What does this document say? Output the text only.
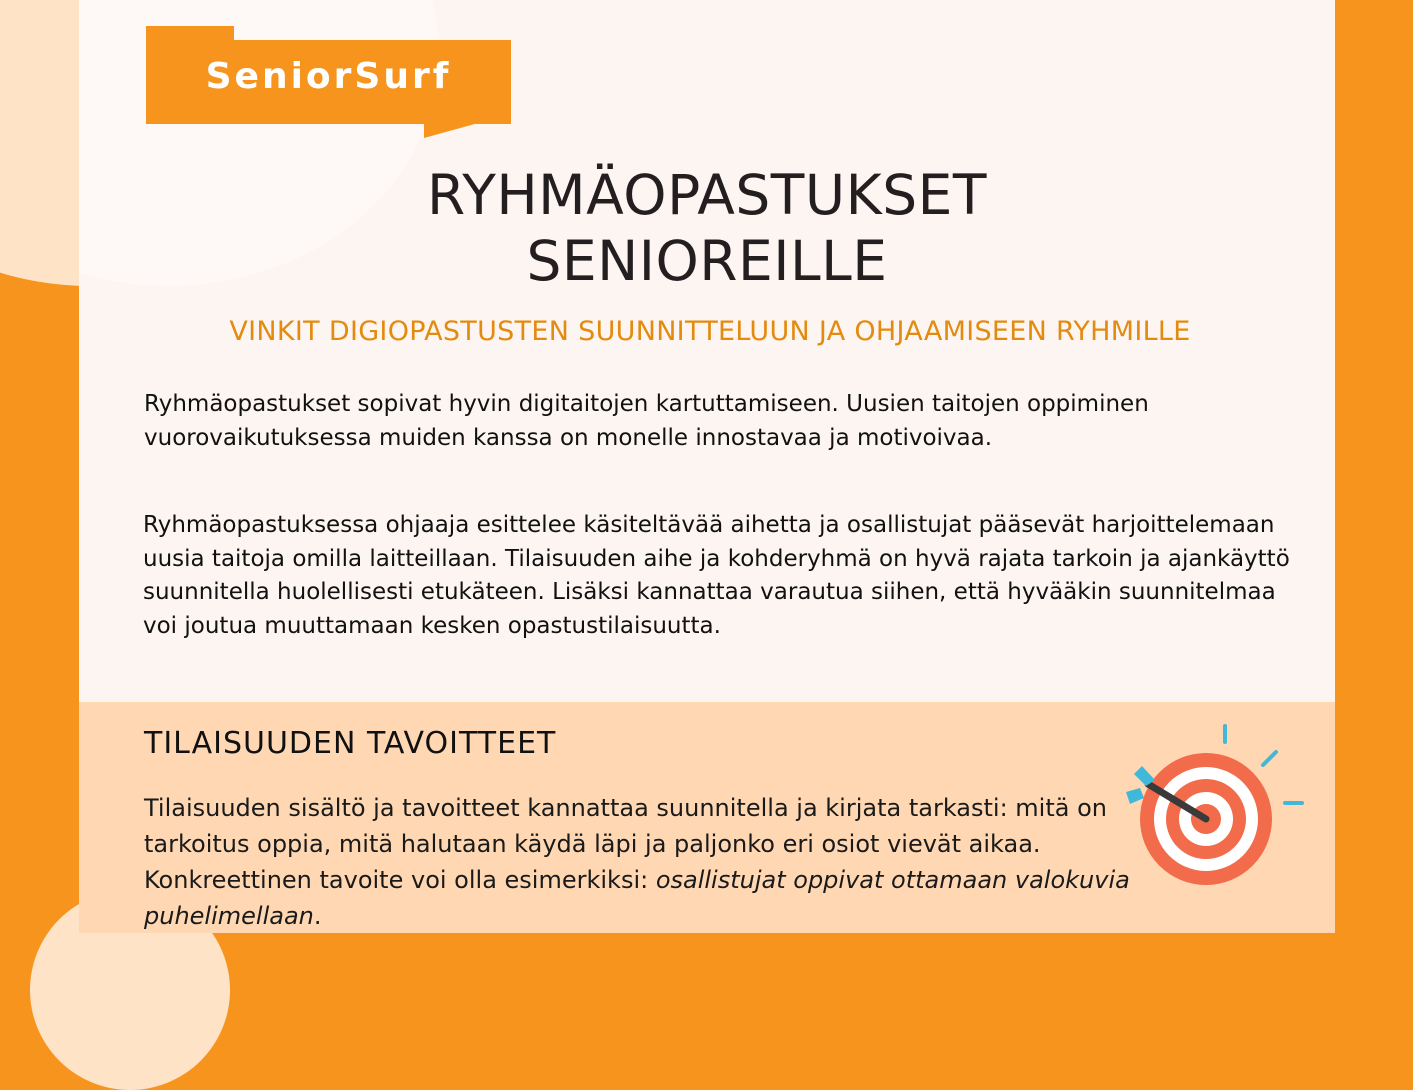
SeniorSurf
RYHMÄOPASTUKSET
SENIOREILLE
VINKIT DIGIOPASTUSTEN SUUNNITTELUUN JA OHJAAMISEEN RYHMILLE
Ryhmäopastukset sopivat hyvin digitaitojen kartuttamiseen. Uusien taitojen oppiminen vuorovaikutuksessa muiden kanssa on monelle innostavaa ja motivoivaa.
Ryhmäopastuksessa ohjaaja esittelee käsiteltävää aihetta ja osallistujat pääsevät harjoittelemaan uusia taitoja omilla laitteillaan. Tilaisuuden aihe ja kohderyhmä on hyvä rajata tarkoin ja ajankäyttö suunnitella huolellisesti etukäteen. Lisäksi kannattaa varautua siihen, että hyvääkin suunnitelmaa voi joutua muuttamaan kesken opastustilaisuutta.
TILAISUUDEN TAVOITTEET
Tilaisuuden sisältö ja tavoitteet kannattaa suunnitella ja kirjata tarkasti: mitä on tarkoitus oppia, mitä halutaan käydä läpi ja paljonko eri osiot vievät aikaa. Konkreettinen tavoite voi olla esimerkiksi: osallistujat oppivat ottamaan valokuvia puhelimellaan.
